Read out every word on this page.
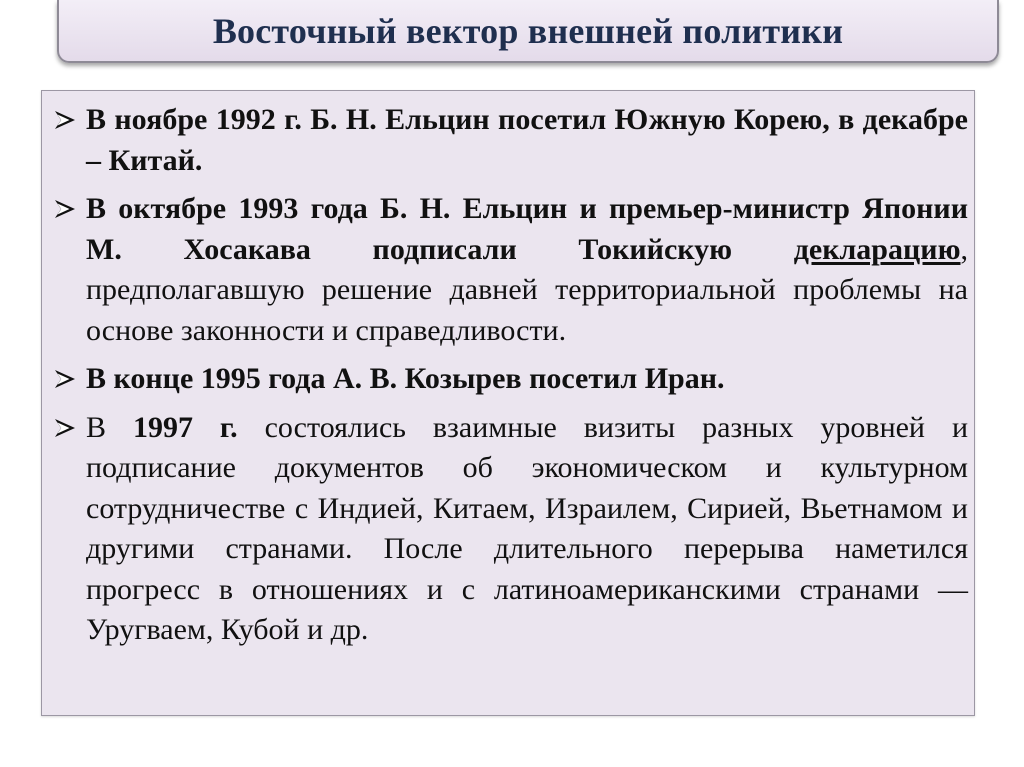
Восточный вектор внешней политики
В ноябре 1992 г. Б. Н. Ельцин посетил Южную Корею, в декабре – Китай.
В октябре 1993 года Б. Н. Ельцин и премьер-министр Японии М. Хосакава подписали Токийскую декларацию, предполагавшую решение давней территориальной проблемы на основе законности и справедливости.
В конце 1995 года А. В. Козырев посетил Иран.
В 1997 г. состоялись взаимные визиты разных уровней и подписание документов об экономическом и культурном сотрудничестве с Индией, Китаем, Израилем, Сирией, Вьетнамом и другими странами. После длительного перерыва наметился прогресс в отношениях и с латиноамериканскими странами — Уругваем, Кубой и др.
